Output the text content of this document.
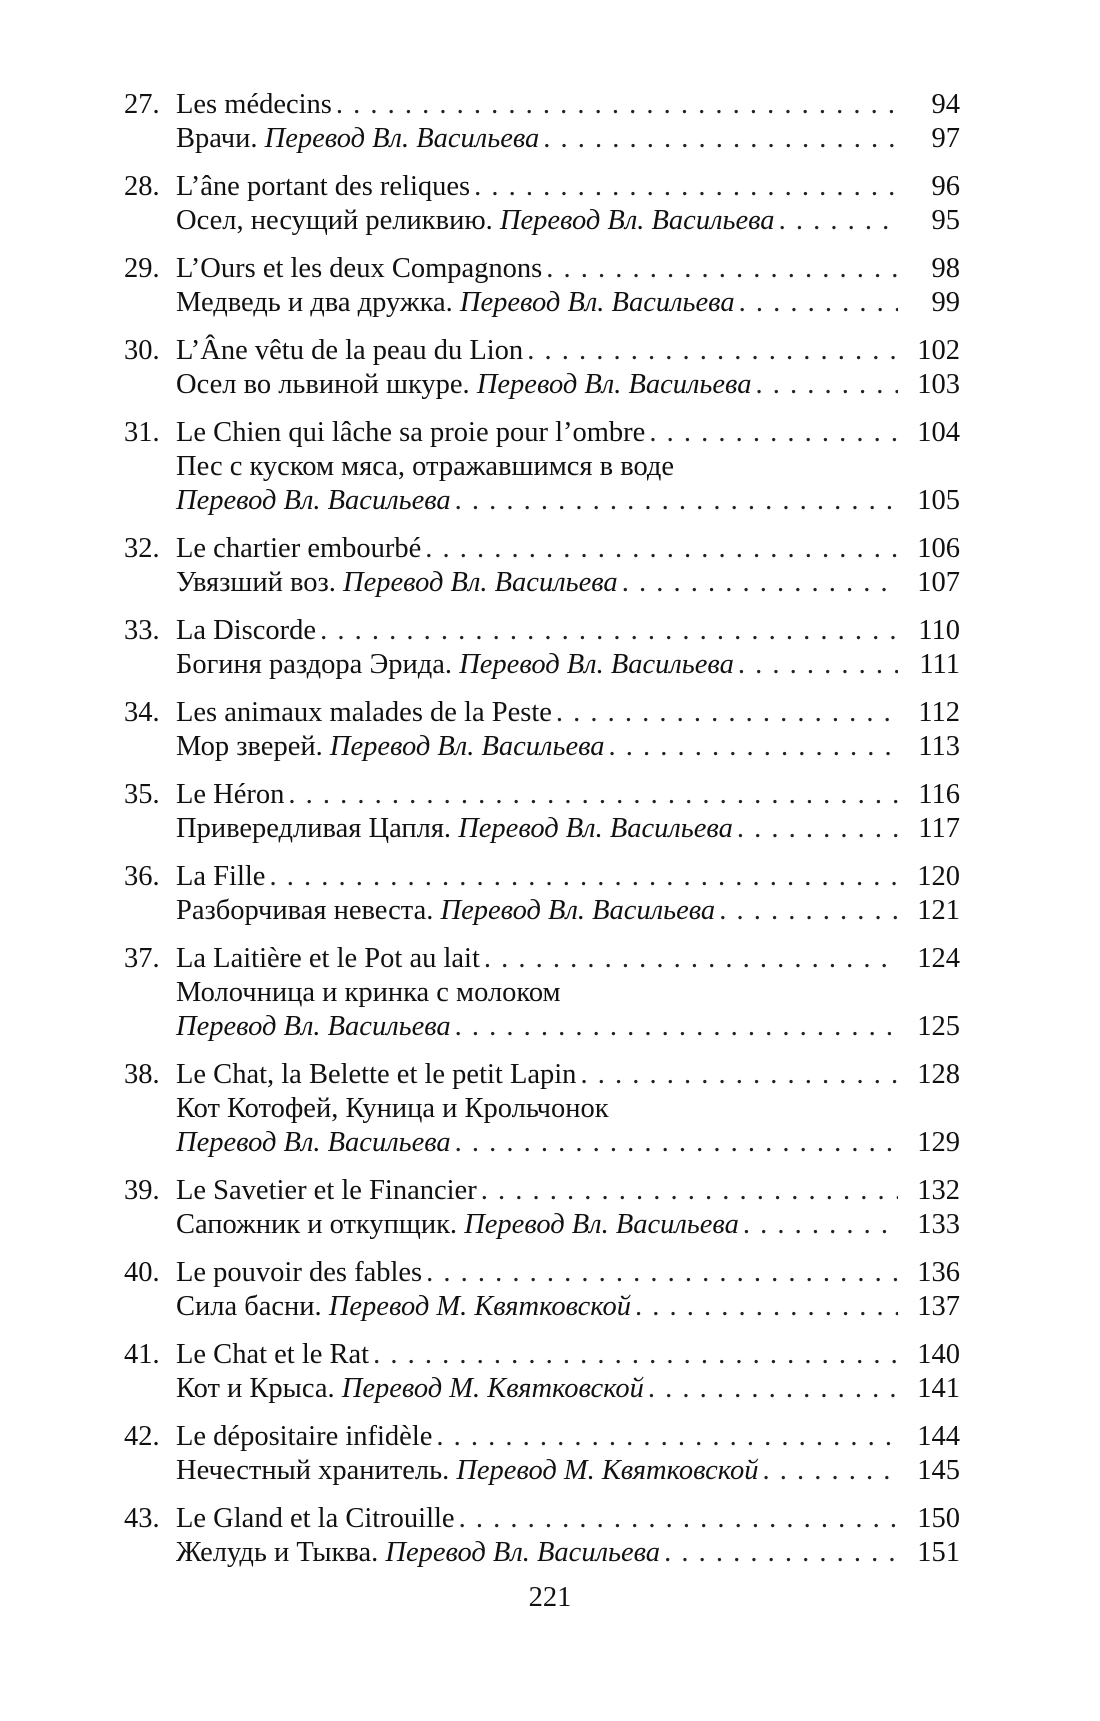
27. Les médecins . . .	94
Врачи. Перевод Вл. Васильева . . .	97
28. L’âne portant des reliques . . .	96
Осел, несущий реликвию. Перевод Вл. Васильева . . .	95
29. L’Ours et les deux Compagnons . . .	98
Медведь и два дружка. Перевод Вл. Васильева . . .	99
30. L’Âne vêtu de la peau du Lion . . .	102
Осел во львиной шкуре. Перевод Вл. Васильева . . .	103
31. Le Chien qui lâche sa proie pour l’ombre . . .	104
Пес с куском мяса, отражавшимся в воде
Перевод Вл. Васильева . . .	105
32. Le chartier embourbé . . .	106
Увязший воз. Перевод Вл. Васильева . . .	107
33. La Discorde . . .	110
Богиня раздора Эрида. Перевод Вл. Васильева . . .	111
34. Les animaux malades de la Peste . . .	112
Мор зверей. Перевод Вл. Васильева . . .	113
35. Le Héron . . .	116
Привередливая Цапля. Перевод Вл. Васильева . . .	117
36. La Fille . . .	120
Разборчивая невеста. Перевод Вл. Васильева . . .	121
37. La Laitière et le Pot au lait . . .	124
Молочница и кринка с молоком
Перевод Вл. Васильева . . .	125
38. Le Chat, la Belette et le petit Lapin . . .	128
Кот Котофей, Куница и Крольчонок
Перевод Вл. Васильева . . .	129
39. Le Savetier et le Financier . . .	132
Сапожник и откупщик. Перевод Вл. Васильева . . .	133
40. Le pouvoir des fables . . .	136
Сила басни. Перевод М. Квятковской . . .	137
41. Le Chat et le Rat . . .	140
Кот и Крыса. Перевод М. Квятковской . . .	141
42. Le dépositaire infidèle . . .	144
Нечестный хранитель. Перевод М. Квятковской . . .	145
43. Le Gland et la Citrouille . . .	150
Желудь и Тыква. Перевод Вл. Васильева . . .	151
221
